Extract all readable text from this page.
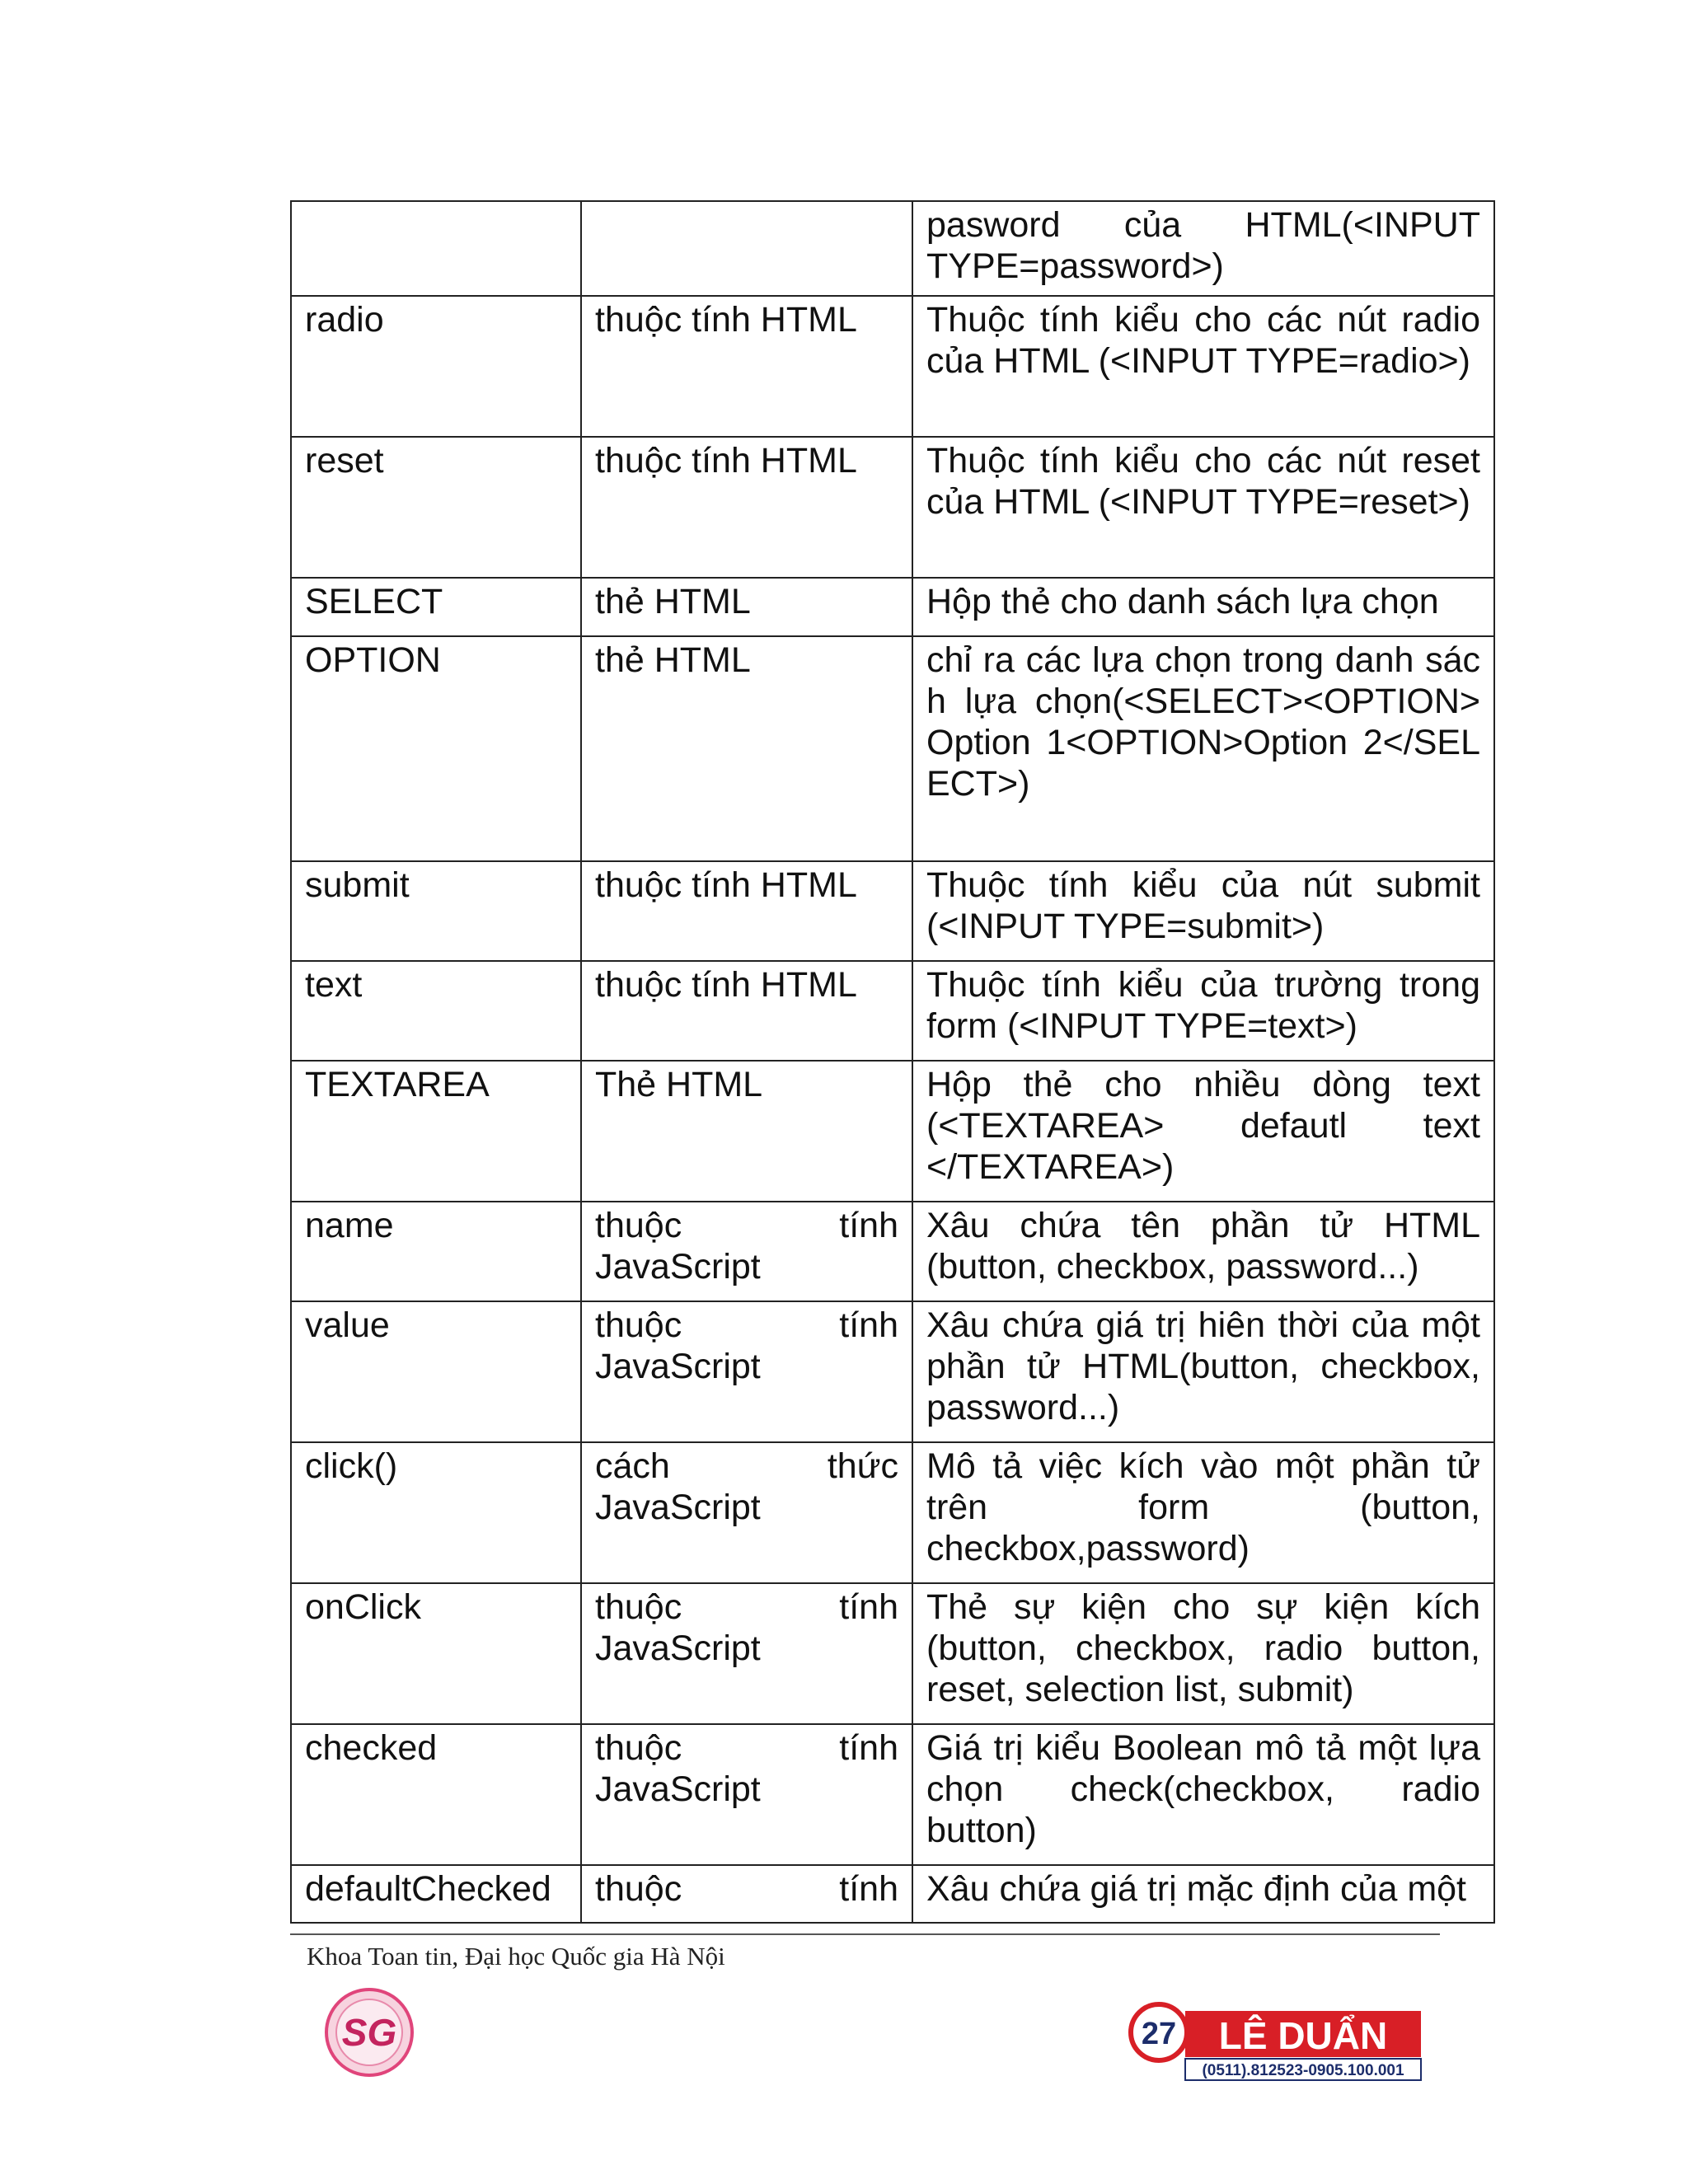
		pasword của HTML(<INPUT TYPE=password>)
radio	thuộc tính HTML	Thuộc tính kiểu cho các nút radio của HTML (<INPUT TYPE=radio>)
reset	thuộc tính HTML	Thuộc tính kiểu cho các nút reset của HTML (<INPUT TYPE=reset>)
SELECT	thẻ HTML	Hộp thẻ cho danh sách lựa chọn
OPTION	thẻ HTML	chỉ ra các lựa chọn trong danh sách lựa chọn(<SELECT><OPTION>Option 1<OPTION>Option 2</SELECT>)
submit	thuộc tính HTML	Thuộc tính kiểu của nút submit (<INPUT TYPE=submit>)
text	thuộc tính HTML	Thuộc tính kiểu của trường trong form (<INPUT TYPE=text>)
TEXTAREA	Thẻ HTML	Hộp thẻ cho nhiều dòng text (<TEXTAREA> defautl text </TEXTAREA>)
name	thuộc tính JavaScript	Xâu chứa tên phần tử HTML (button, checkbox, password...)
value	thuộc tính JavaScript	Xâu chứa giá trị hiên thời của một phần tử HTML(button, checkbox, password...)
click()	cách thức JavaScript	Mô tả việc kích vào một phần tử trên form (button, checkbox,password)
onClick	thuộc tính JavaScript	Thẻ sự kiện cho sự kiện kích (button, checkbox, radio button, reset, selection list, submit)
checked	thuộc tính JavaScript	Giá trị kiểu Boolean mô tả một lựa chọn check(checkbox, radio button)
defaultChecked	thuộc tính	Xâu chứa giá trị mặc định của một
Khoa Toan tin, Đại học Quốc gia Hà Nội
SG	27 LÊ DUẨN
(0511).812523-0905.100.001
